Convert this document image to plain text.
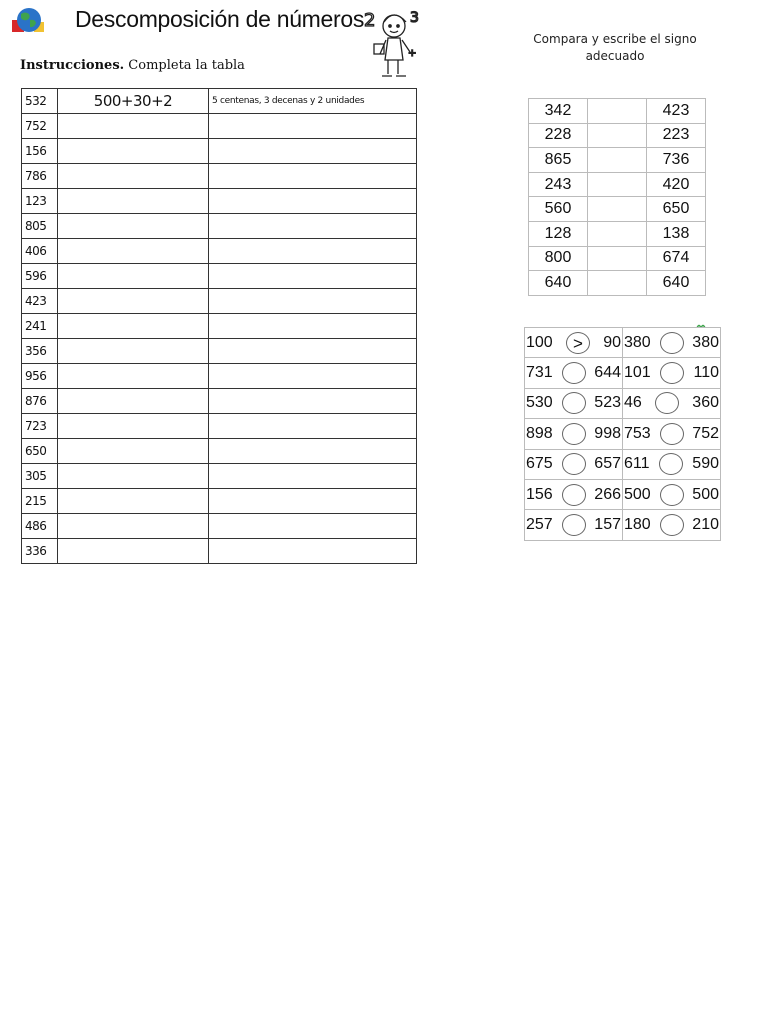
Descomposición de números 2 3
+
Instrucciones. Completa la tabla
532	500+30+2	5 centenas, 3 decenas y 2 unidades
752		
156		
786		
123		
805		
406		
596		
423		
241		
356		
956		
876		
723		
650		
305		
215		
486		
336		
Compara y escribe el signo
adecuado
342		423
228		223
865		736
243		420
560		650
128		138
800		674
640		640
100 > 90	380 380

731 644	101 110

530 523	46 360

898 998	753 752

675 657	611 590

156 266	500 500

257 157	180 210
